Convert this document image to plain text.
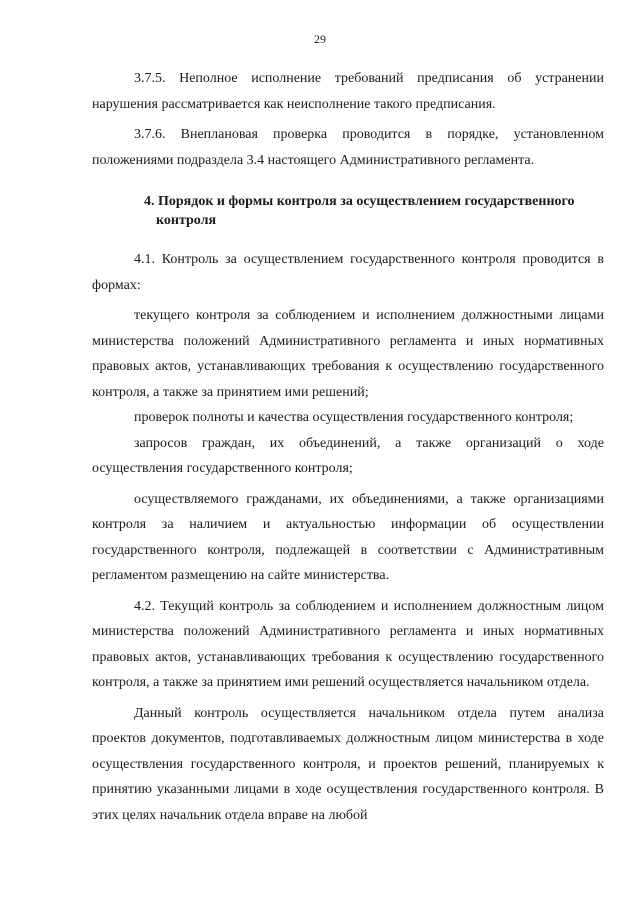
29

3.7.5. Неполное исполнение требований предписания об устранении нарушения рассматривается как неисполнение такого предписания.

3.7.6. Внеплановая проверка проводится в порядке, установленном положениями подраздела 3.4 настоящего Административного регламента.

4. Порядок и формы контроля за осуществлением государственного контроля

4.1. Контроль за осуществлением государственного контроля проводится в формах:

текущего контроля за соблюдением и исполнением должностными лицами министерства положений Административного регламента и иных нормативных правовых актов, устанавливающих требования к осуществлению государственного контроля, а также за принятием ими решений;

проверок полноты и качества осуществления государственного контроля;

запросов граждан, их объединений, а также организаций о ходе осуществления государственного контроля;

осуществляемого гражданами, их объединениями, а также организациями контроля за наличием и актуальностью информации об осуществлении государственного контроля, подлежащей в соответствии с Административным регламентом размещению на сайте министерства.

4.2. Текущий контроль за соблюдением и исполнением должностным лицом министерства положений Административного регламента и иных нормативных правовых актов, устанавливающих требования к осуществлению государственного контроля, а также за принятием ими решений осуществляется начальником отдела.

Данный контроль осуществляется начальником отдела путем анализа проектов документов, подготавливаемых должностным лицом министерства в ходе осуществления государственного контроля, и проектов решений, планируемых к принятию указанными лицами в ходе осуществления государственного контроля. В этих целях начальник отдела вправе на любой
